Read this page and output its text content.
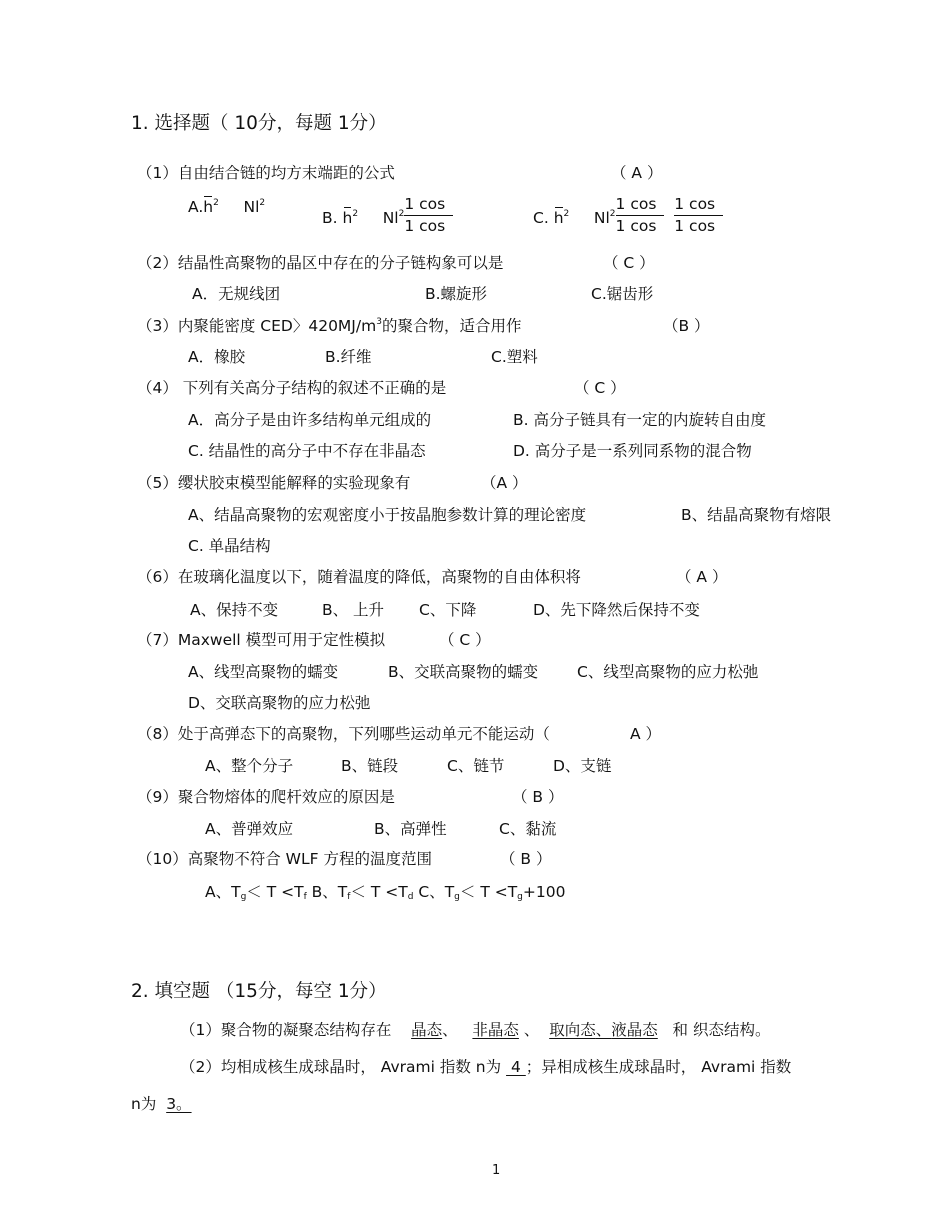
1. 选择题（ 10分，每题 1分）
（1）自由结合链的均方末端距的公式	（ A ）
$A.h^2$ Nl$^2$
B. $h^2$ $Nl^2 \frac{1 \cos}{1 \cos}$	C. $h^2$ $Nl^2 \frac{1 \cos}{1 \cos}$
$\frac{1 \cos}{1 \cos}$
（2）结晶性高聚物的晶区中存在的分子链构象可以是	（ C ）
A．无规线团	B.螺旋形	C.锯齿形
（3）内聚能密度 CED〉$420MJ/m^3$的聚合物，适合用作	（B ）
A．橡胶	B.纤维	C.塑料
（4） 下列有关高分子结构的叙述不正确的是	（ C ）
A．高分子是由许多结构单元组成的	B. 高分子链具有一定的内旋转自由度
C. 结晶性的高分子中不存在非晶态	D. 高分子是一系列同系物的混合物
（5）缨状胶束模型能解释的实验现象有	（A ）
A、结晶高聚物的宏观密度小于按晶胞参数计算的理论密度	B、结晶高聚物有熔限
C. 单晶结构
（6）在玻璃化温度以下，随着温度的降低，高聚物的自由体积将	（ A ）
A、保持不变	B、 上升 C、下降	D、先下降然后保持不变
（7）Maxwell 模型可用于定性模拟	（ C ）
A、线型高聚物的蠕变	B、交联高聚物的蠕变	C、线型高聚物的应力松弛
D、交联高聚物的应力松弛
（8）处于高弹态下的高聚物，下列哪些运动单元不能运动（	A ）
A、整个分子	B、链段	C、链节	D、支链
（9）聚合物熔体的爬杆效应的原因是	（ B ）
A、普弹效应	B、高弹性	C、黏流
（10）高聚物不符合 WLF 方程的温度范围	（ B ）
A、Tg＜ T <Tf B、Tf＜ T <Td C、Tg＜ T <Tg+100
2. 填空题 （15分，每空 1分）
（1）聚合物的凝聚态结构存在 晶态、 非晶态 、  取向态、液晶态 和 织态结构。
（2）均相成核生成球晶时， Avrami 指数 n为  4 ；异相成核生成球晶时， Avrami 指数
n为 3。
1
